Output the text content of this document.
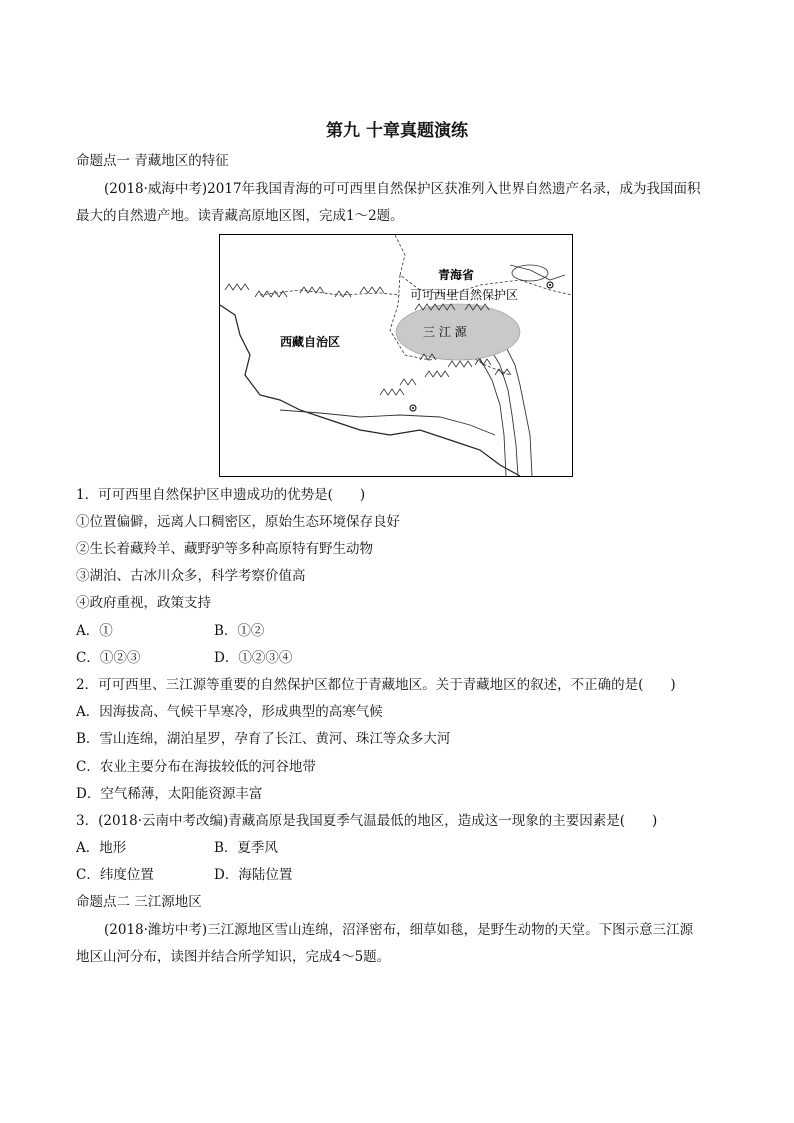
第九 十章真题演练
命题点一 青藏地区的特征
(2018·威海中考)2017年我国青海的可可西里自然保护区获准列入世界自然遗产名录，成为我国面积
最大的自然遗产地。读青藏高原地区图，完成1～2题。
青海省
可可西里自然保护区
三 江 源
西藏自治区
1．可可西里自然保护区申遗成功的优势是(　　)
①位置偏僻，远离人口稠密区，原始生态环境保存良好
②生长着藏羚羊、藏野驴等多种高原特有野生动物
③湖泊、古冰川众多，科学考察价值高
④政府重视，政策支持
A．①	B．①②
C．①②③	D．①②③④
2．可可西里、三江源等重要的自然保护区都位于青藏地区。关于青藏地区的叙述，不正确的是(　　)
A．因海拔高、气候干旱寒冷，形成典型的高寒气候
B．雪山连绵，湖泊星罗，孕育了长江、黄河、珠江等众多大河
C．农业主要分布在海拔较低的河谷地带
D．空气稀薄，太阳能资源丰富
3．(2018·云南中考改编)青藏高原是我国夏季气温最低的地区，造成这一现象的主要因素是(　　)
A．地形	B．夏季风
C．纬度位置	D．海陆位置
命题点二 三江源地区
(2018·潍坊中考)三江源地区雪山连绵，沼泽密布，细草如毯，是野生动物的天堂。下图示意三江源
地区山河分布，读图并结合所学知识，完成4～5题。
